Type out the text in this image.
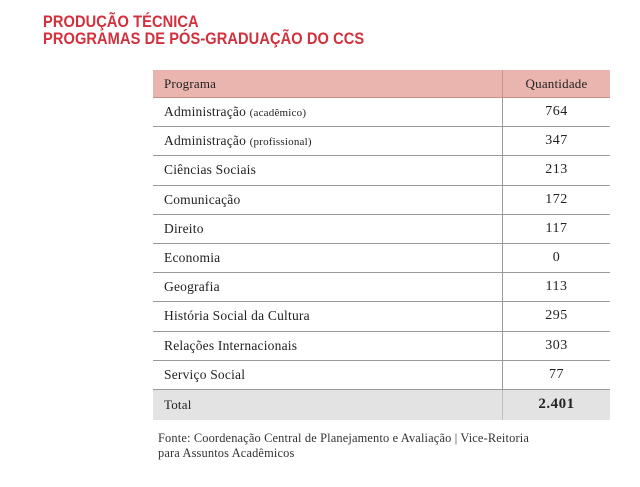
PRODUÇÃO TÉCNICA
PROGRAMAS DE PÓS-GRADUAÇÃO DO CCS
Programa	Quantidade
Administração (acadêmico)	764
Administração (profissional)	347
Ciências Sociais	213
Comunicação	172
Direito	117
Economia	0
Geografia	113
História Social da Cultura	295
Relações Internacionais	303
Serviço Social	77
Total	2.401
Fonte: Coordenação Central de Planejamento e Avaliação | Vice-Reitoria
para Assuntos Acadêmicos
